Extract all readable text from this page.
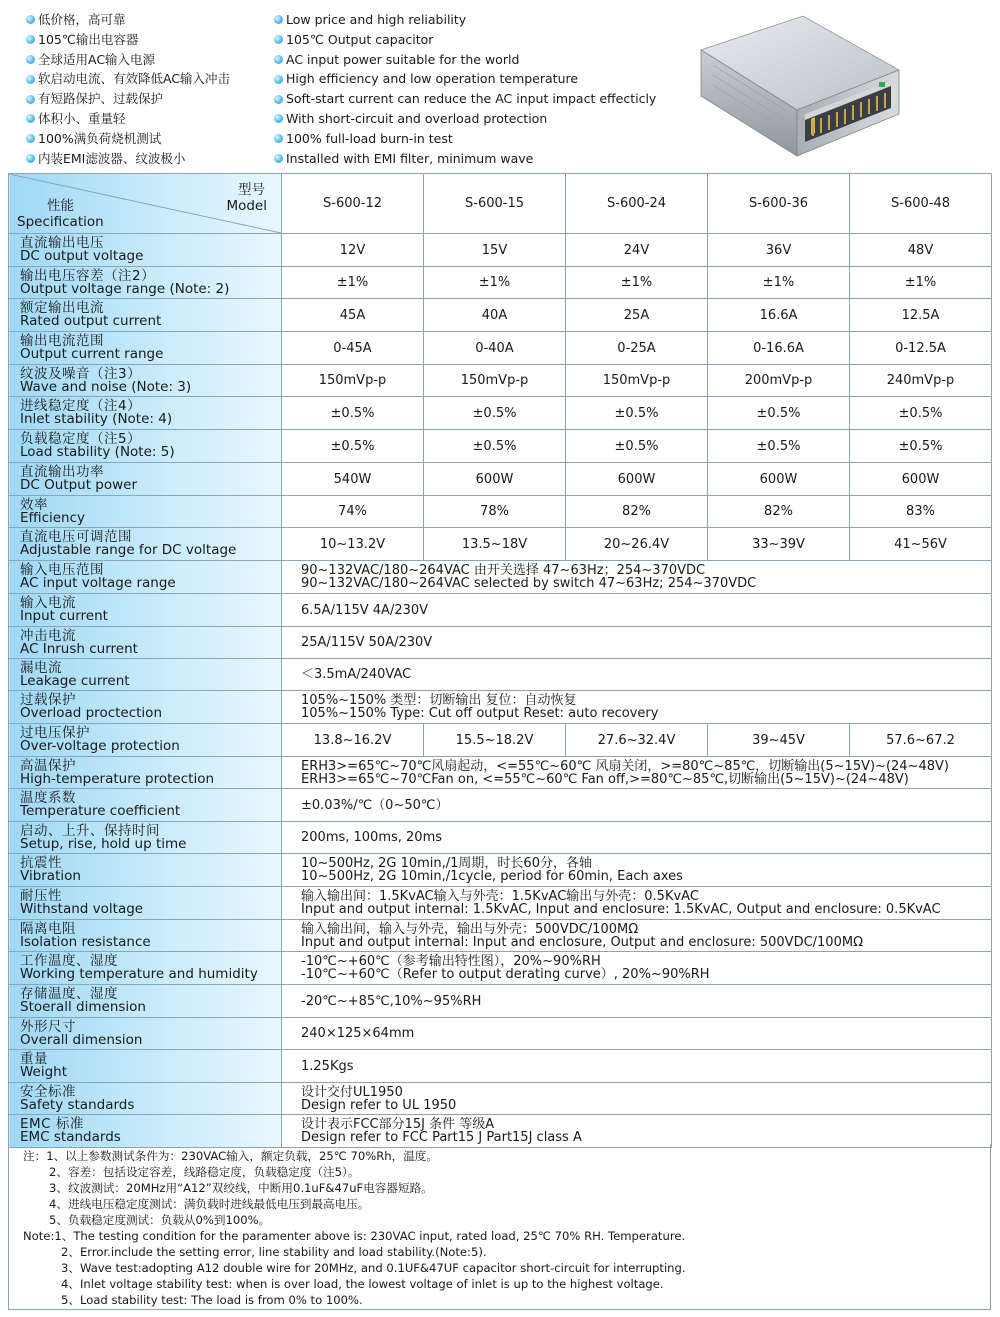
低价格，高可靠
105℃输出电容器
全球适用AC输入电源
软启动电流、有效降低AC输入冲击
有短路保护、过载保护
体积小、重量轻
100%满负荷烧机测试
内装EMI滤波器、纹波极小
Low price and high reliability
105℃ Output capacitor
AC input power suitable for the world
High efficiency and low operation temperature
Soft-start current can reduce the AC input impact effecticly
With short-circuit and overload protection
100% full-load burn-in test
Installed with EMI filter, minimum wave
型号
Model
性能
Specification	S-600-12	S-600-15	S-600-24	S-600-36	S-600-48

直流输出电压
DC output voltage	12V	15V	24V	36V	48V

输出电压容差（注2）
Output voltage range (Note: 2)	±1%	±1%	±1%	±1%	±1%

额定输出电流
Rated output current	45A	40A	25A	16.6A	12.5A

输出电流范围
Output current range	0-45A	0-40A	0-25A	0-16.6A	0-12.5A

纹波及噪音（注3）
Wave and noise (Note: 3)	150mVp-p	150mVp-p	150mVp-p	200mVp-p	240mVp-p

进线稳定度（注4）
Inlet stability (Note: 4)	±0.5%	±0.5%	±0.5%	±0.5%	±0.5%

负载稳定度（注5）
Load stability (Note: 5)	±0.5%	±0.5%	±0.5%	±0.5%	±0.5%

直流输出功率
DC Output power	540W	600W	600W	600W	600W

效率
Efficiency	74%	78%	82%	82%	83%

直流电压可调范围
Adjustable range for DC voltage	10~13.2V	13.5~18V	20~26.4V	33~39V	41~56V

输入电压范围
AC input voltage range	90~132VAC/180~264VAC 由开关选择 47~63Hz；254~370VDC
90~132VAC/180~264VAC selected by switch 47~63Hz; 254~370VDC				

输入电流
Input current	6.5A/115V 4A/230V				

冲击电流
AC Inrush current	25A/115V 50A/230V				

漏电流
Leakage current	＜3.5mA/240VAC				

过载保护
Overload proctection	105%~150% 类型：切断输出 复位：自动恢复
105%~150% Type: Cut off output Reset: auto recovery				

过电压保护
Over-voltage protection	13.8~16.2V	15.5~18.2V	27.6~32.4V	39~45V	57.6~67.2

高温保护
High-temperature protection	ERH3>=65℃~70℃风扇起动，<=55℃~60℃ 风扇关闭，>=80℃~85℃，切断输出(5~15V)~(24~48V)
ERH3>=65℃~70℃Fan on, <=55℃~60℃ Fan off,>=80℃~85℃,切断输出(5~15V)~(24~48V)				

温度系数
Temperature coefficient	±0.03%/℃（0~50℃）				

启动、上升、保持时间
Setup, rise, hold up time	200ms, 100ms, 20ms				

抗震性
Vibration	10~500Hz, 2G 10min,/1周期，时长60分，各轴
10~500Hz, 2G 10min,/1cycle, period for 60min, Each axes				

耐压性
Withstand voltage	输入输出间：1.5KvAC输入与外壳：1.5KvAC输出与外壳：0.5KvAC
Input and output internal: 1.5KvAC, Input and enclosure: 1.5KvAC, Output and enclosure: 0.5KvAC				

隔离电阻
Isolation resistance	输入输出间，输入与外壳，输出与外壳：500VDC/100MΩ
Input and output internal: Input and enclosure, Output and enclosure: 500VDC/100MΩ				

工作温度、湿度
Working temperature and humidity	-10℃~+60℃（参考输出特性图），20%~90%RH
-10℃~+60℃（Refer to output derating curve）, 20%~90%RH				

存储温度、湿度
Stoerall dimension	-20℃~+85℃,10%~95%RH				

外形尺寸
Overall dimension	240×125×64mm				

重量
Weight	1.25Kgs				

安全标准
Safety standards	设计交付UL1950
Design refer to UL 1950				

EMC 标准
EMC standards	设计表示FCC部分15J 条件 等级A
Design refer to FCC Part15 J Part15J class A				
注：1、以上参数测试条件为：230VAC输入，额定负载，25℃ 70%Rh，温度。
2、容差：包括设定容差，线路稳定度，负载稳定度（注5）。
3、纹波测试：20MHz用“A12”双绞线，中断用0.1uF&47uF电容器短路。
4、进线电压稳定度测试：满负载时进线最低电压到最高电压。
5、负载稳定度测试：负载从0%到100%。
Note:1、The testing condition for the paramenter above is: 230VAC input, rated load, 25℃ 70% RH. Temperature.
2、Error.include the setting error, line stability and load stability.(Note:5).
3、Wave test:adopting A12 double wire for 20MHz, and 0.1UF&47UF capacitor short-circuit for interrupting.
4、Inlet voltage stability test: when is over load, the lowest voltage of inlet is up to the highest voltage.
5、Load stability test: The load is from 0% to 100%.
